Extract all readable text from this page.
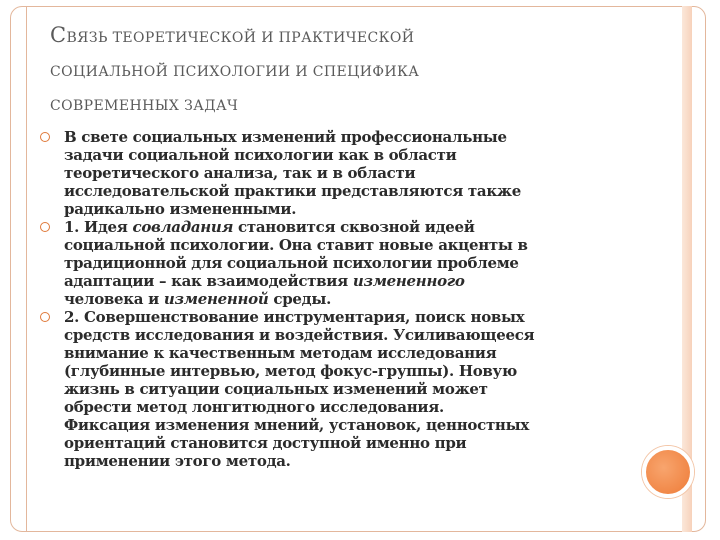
СВЯЗЬ ТЕОРЕТИЧЕСКОЙ И ПРАКТИЧЕСКОЙ
СОЦИАЛЬНОЙ ПСИХОЛОГИИ И СПЕЦИФИКА
СОВРЕМЕННЫХ ЗАДАЧ
В свете социальных изменений профессиональные
задачи социальной психологии как в области
теоретического анализа, так и в области
исследовательской практики представляются также
радикально измененными.
1. Идея совладания становится сквозной идеей
социальной психологии. Она ставит новые акценты в
традиционной для социальной психологии проблеме
адаптации – как взаимодействия измененного
человека и измененной среды.
2. Совершенствование инструментария, поиск новых
средств исследования и воздействия. Усиливающееся
внимание к качественным методам исследования
(глубинные интервью, метод фокус-группы). Новую
жизнь в ситуации социальных изменений может
обрести метод лонгитюдного исследования.
Фиксация изменения мнений, установок, ценностных
ориентаций становится доступной именно при
применении этого метода.
